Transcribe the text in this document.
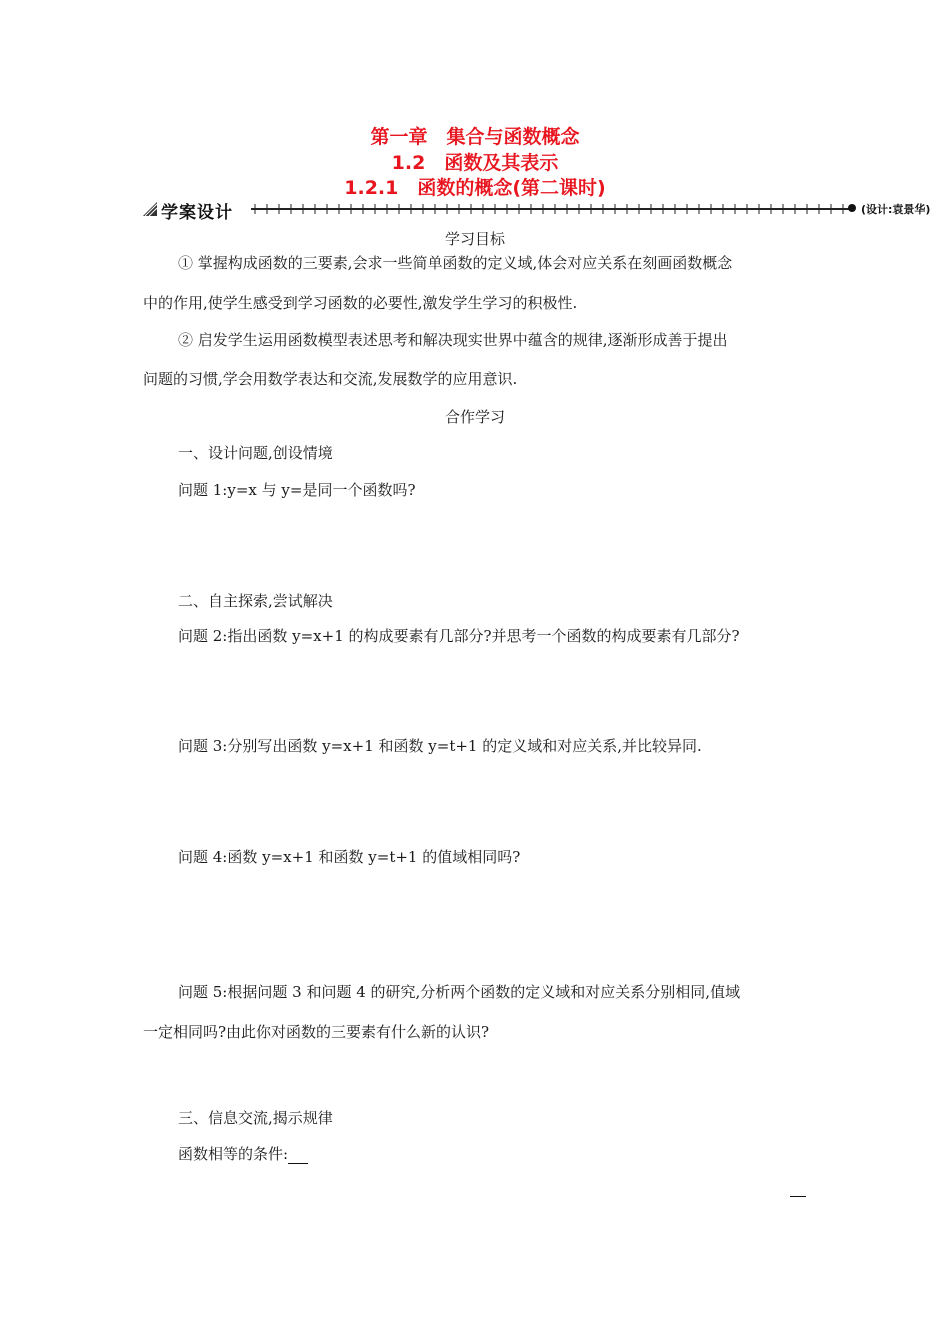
第一章　集合与函数概念
1.2　函数及其表示
1.2.1　函数的概念(第二课时)
学案设计	(设计:袁景华)
学习目标
① 掌握构成函数的三要素,会求一些简单函数的定义域,体会对应关系在刻画函数概念
中的作用,使学生感受到学习函数的必要性,激发学生学习的积极性.
② 启发学生运用函数模型表述思考和解决现实世界中蕴含的规律,逐渐形成善于提出
问题的习惯,学会用数学表达和交流,发展数学的应用意识.
合作学习
一、设计问题,创设情境
问题 1:y=x 与 y=是同一个函数吗?
二、自主探索,尝试解决
问题 2:指出函数 y=x+1 的构成要素有几部分?并思考一个函数的构成要素有几部分?
问题 3:分别写出函数 y=x+1 和函数 y=t+1 的定义域和对应关系,并比较异同.
问题 4:函数 y=x+1 和函数 y=t+1 的值域相同吗?
问题 5:根据问题 3 和问题 4 的研究,分析两个函数的定义域和对应关系分别相同,值域
一定相同吗?由此你对函数的三要素有什么新的认识?
三、信息交流,揭示规律
函数相等的条件:
